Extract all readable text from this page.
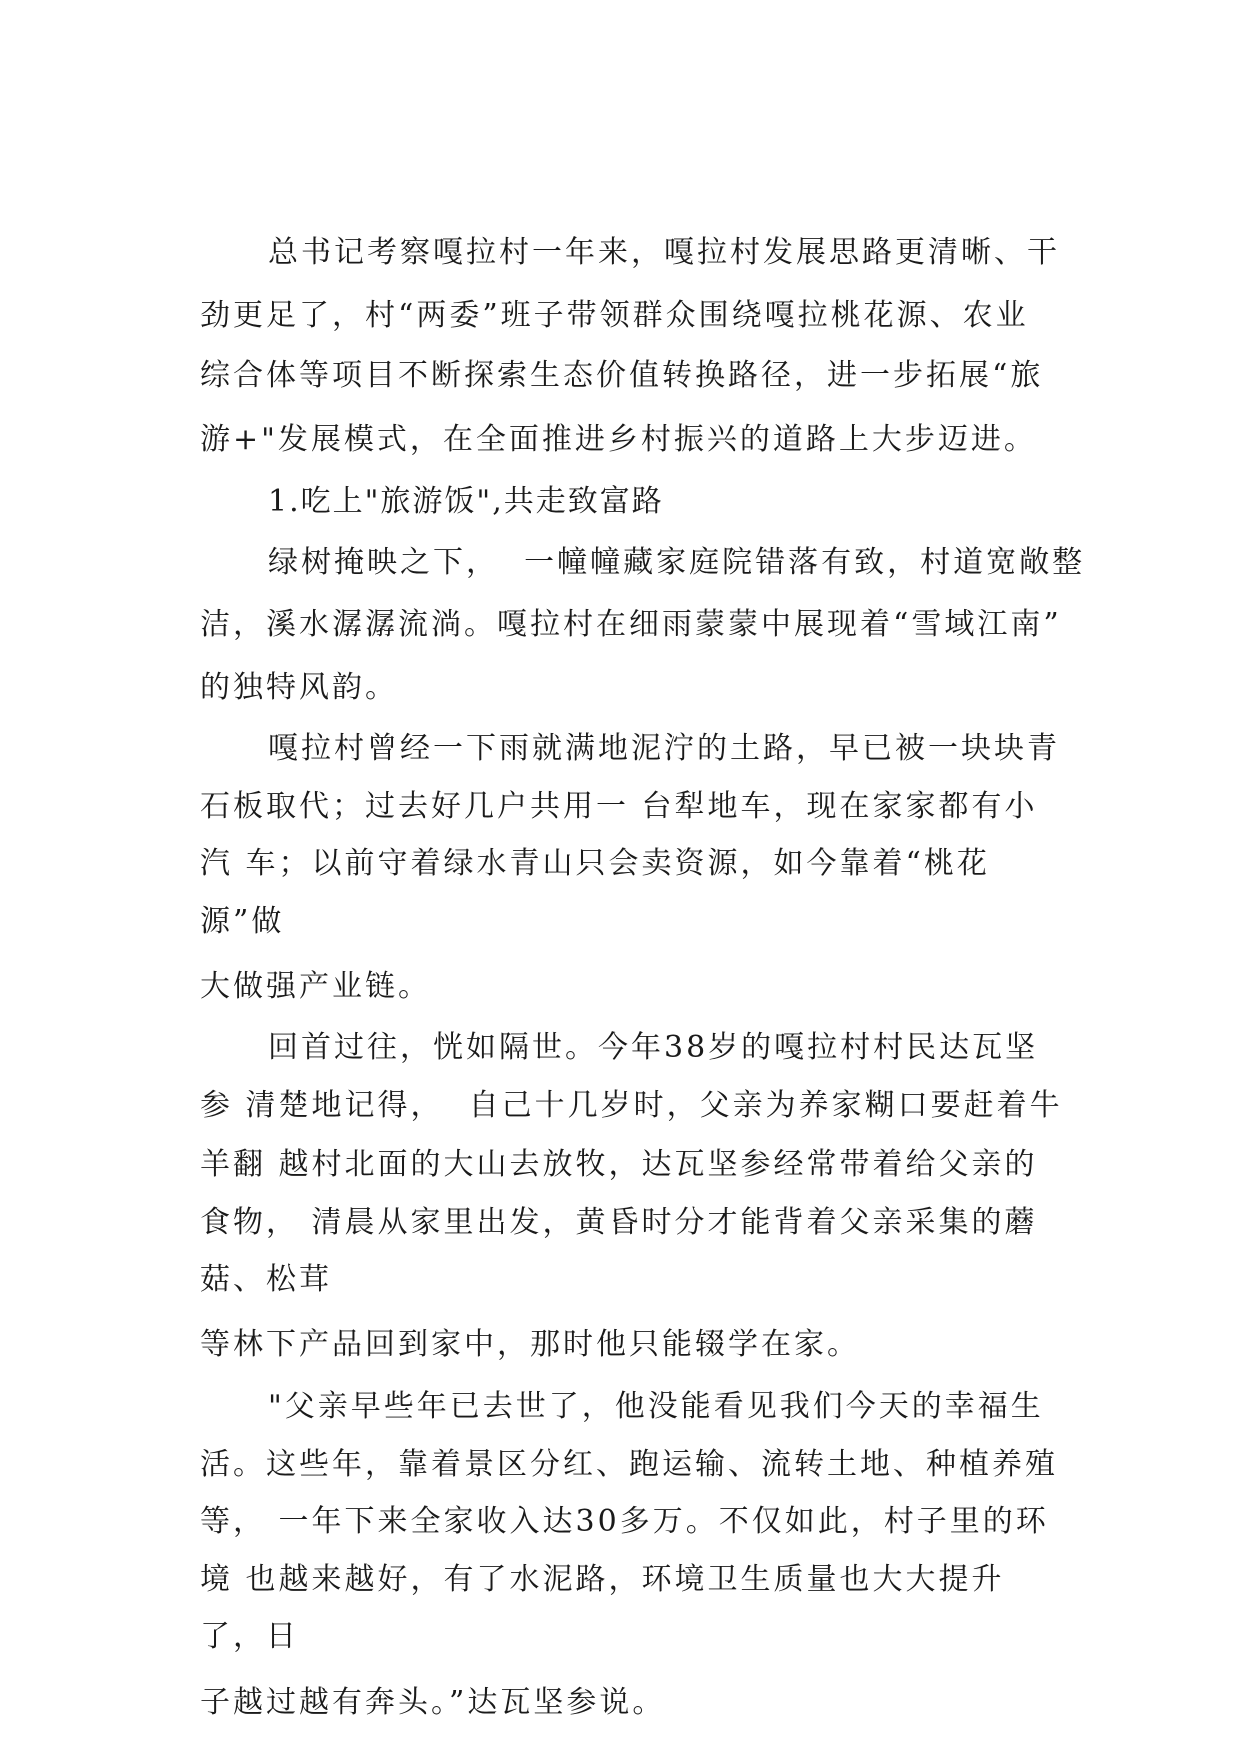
总书记考察嘎拉村一年来，嘎拉村发展思路更清晰、干

劲更足了，村“两委”班子带领群众围绕嘎拉桃花源、农业

综合体等项目不断探索生态价值转换路径，进一步拓展“旅

游+"发展模式，在全面推进乡村振兴的道路上大步迈进。

1.吃上"旅游饭",共走致富路

绿树掩映之下，  一幢幢藏家庭院错落有致，村道宽敞整

洁，溪水潺潺流淌。嘎拉村在细雨蒙蒙中展现着“雪域江南”

的独特风韵。

嘎拉村曾经一下雨就满地泥泞的土路，早已被一块块青

石板取代；过去好几户共用一 台犁地车，现在家家都有小

汽 车；以前守着绿水青山只会卖资源，如今靠着“桃花

源”做

大做强产业链。

回首过往，恍如隔世。今年38岁的嘎拉村村民达瓦坚

参 清楚地记得，  自己十几岁时，父亲为养家糊口要赶着牛

羊翻 越村北面的大山去放牧，达瓦坚参经常带着给父亲的

食物， 清晨从家里出发，黄昏时分才能背着父亲采集的蘑

菇、松茸

等林下产品回到家中，那时他只能辍学在家。

"父亲早些年已去世了，他没能看见我们今天的幸福生

活。这些年，靠着景区分红、跑运输、流转土地、种植养殖

等， 一年下来全家收入达30多万。不仅如此，村子里的环

境 也越来越好，有了水泥路，环境卫生质量也大大提升

了，日

子越过越有奔头。”达瓦坚参说。
